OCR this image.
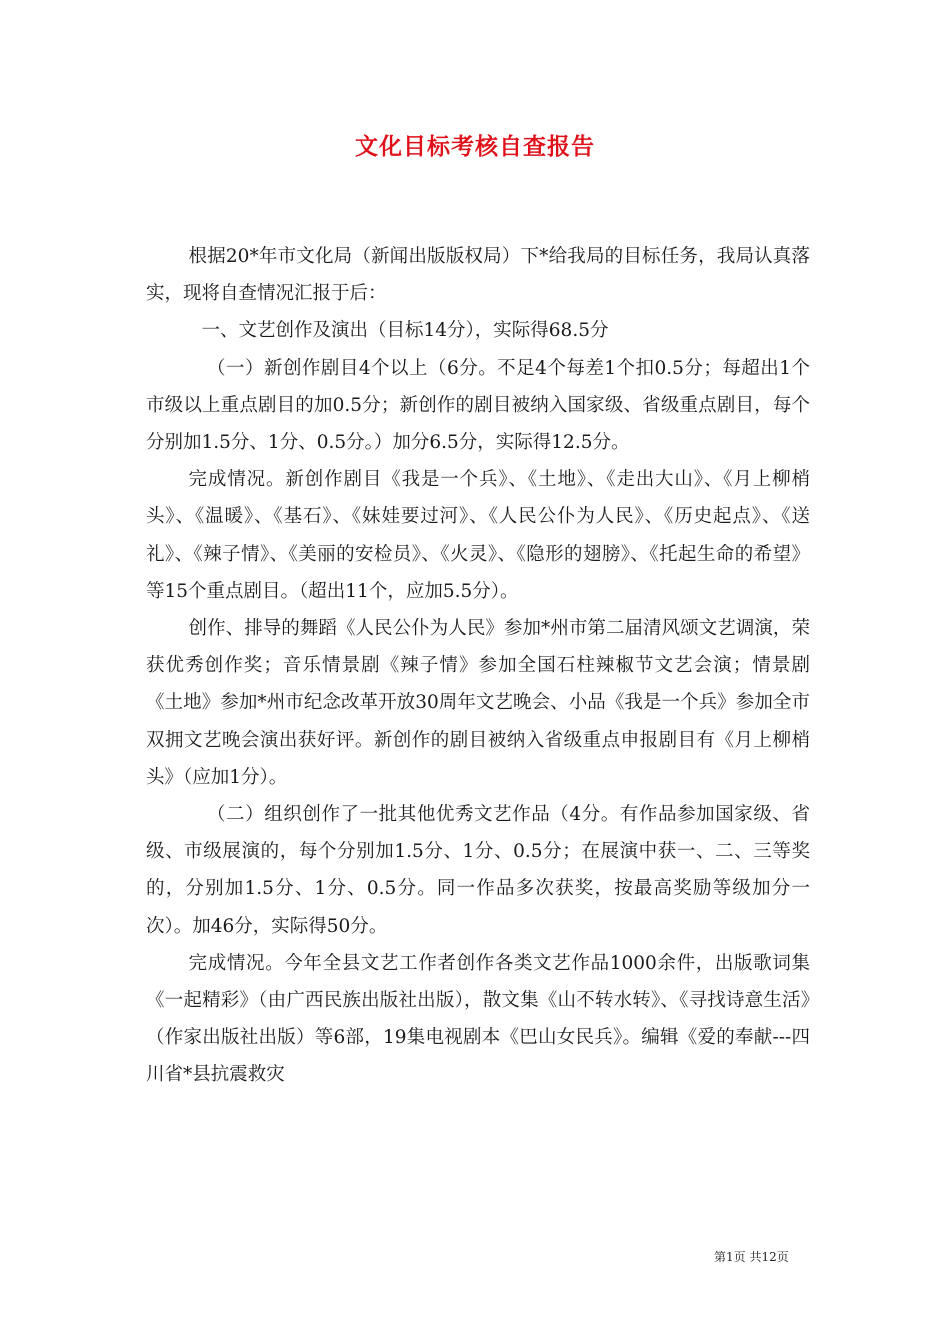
文化目标考核自查报告

根据20*年市文化局（新闻出版版权局）下*给我局的目标任务，我局认真落实，现将自查情况汇报于后：

一、文艺创作及演出（目标14分），实际得68.5分

（一）新创作剧目4个以上（6分。不足4个每差1个扣0.5分；每超出1个市级以上重点剧目的加0.5分；新创作的剧目被纳入国家级、省级重点剧目，每个分别加1.5分、1分、0.5分。）加分6.5分，实际得12.5分。

完成情况。新创作剧目《我是一个兵》、《土地》、《走出大山》、《月上柳梢头》、《温暖》、《基石》、《妹娃要过河》、《人民公仆为人民》、《历史起点》、《送礼》、《辣子情》、《美丽的安检员》、《火灵》、《隐形的翅膀》、《托起生命的希望》等15个重点剧目。（超出11个，应加5.5分）。

创作、排导的舞蹈《人民公仆为人民》参加*州市第二届清风颂文艺调演，荣获优秀创作奖；音乐情景剧《辣子情》参加全国石柱辣椒节文艺会演；情景剧《土地》参加*州市纪念改革开放30周年文艺晚会、小品《我是一个兵》参加全市双拥文艺晚会演出获好评。新创作的剧目被纳入省级重点申报剧目有《月上柳梢头》（应加1分）。

（二）组织创作了一批其他优秀文艺作品（4分。有作品参加国家级、省级、市级展演的，每个分别加1.5分、1分、0.5分；在展演中获一、二、三等奖的，分别加1.5分、1分、0.5分。同一作品多次获奖，按最高奖励等级加分一次）。加46分，实际得50分。

完成情况。今年全县文艺工作者创作各类文艺作品1000余件，出版歌词集《一起精彩》（由广西民族出版社出版），散文集《山不转水转》、《寻找诗意生活》（作家出版社出版）等6部，19集电视剧本《巴山女民兵》。编辑《爱的奉献---四川省*县抗震救灾

第1页 共12页
